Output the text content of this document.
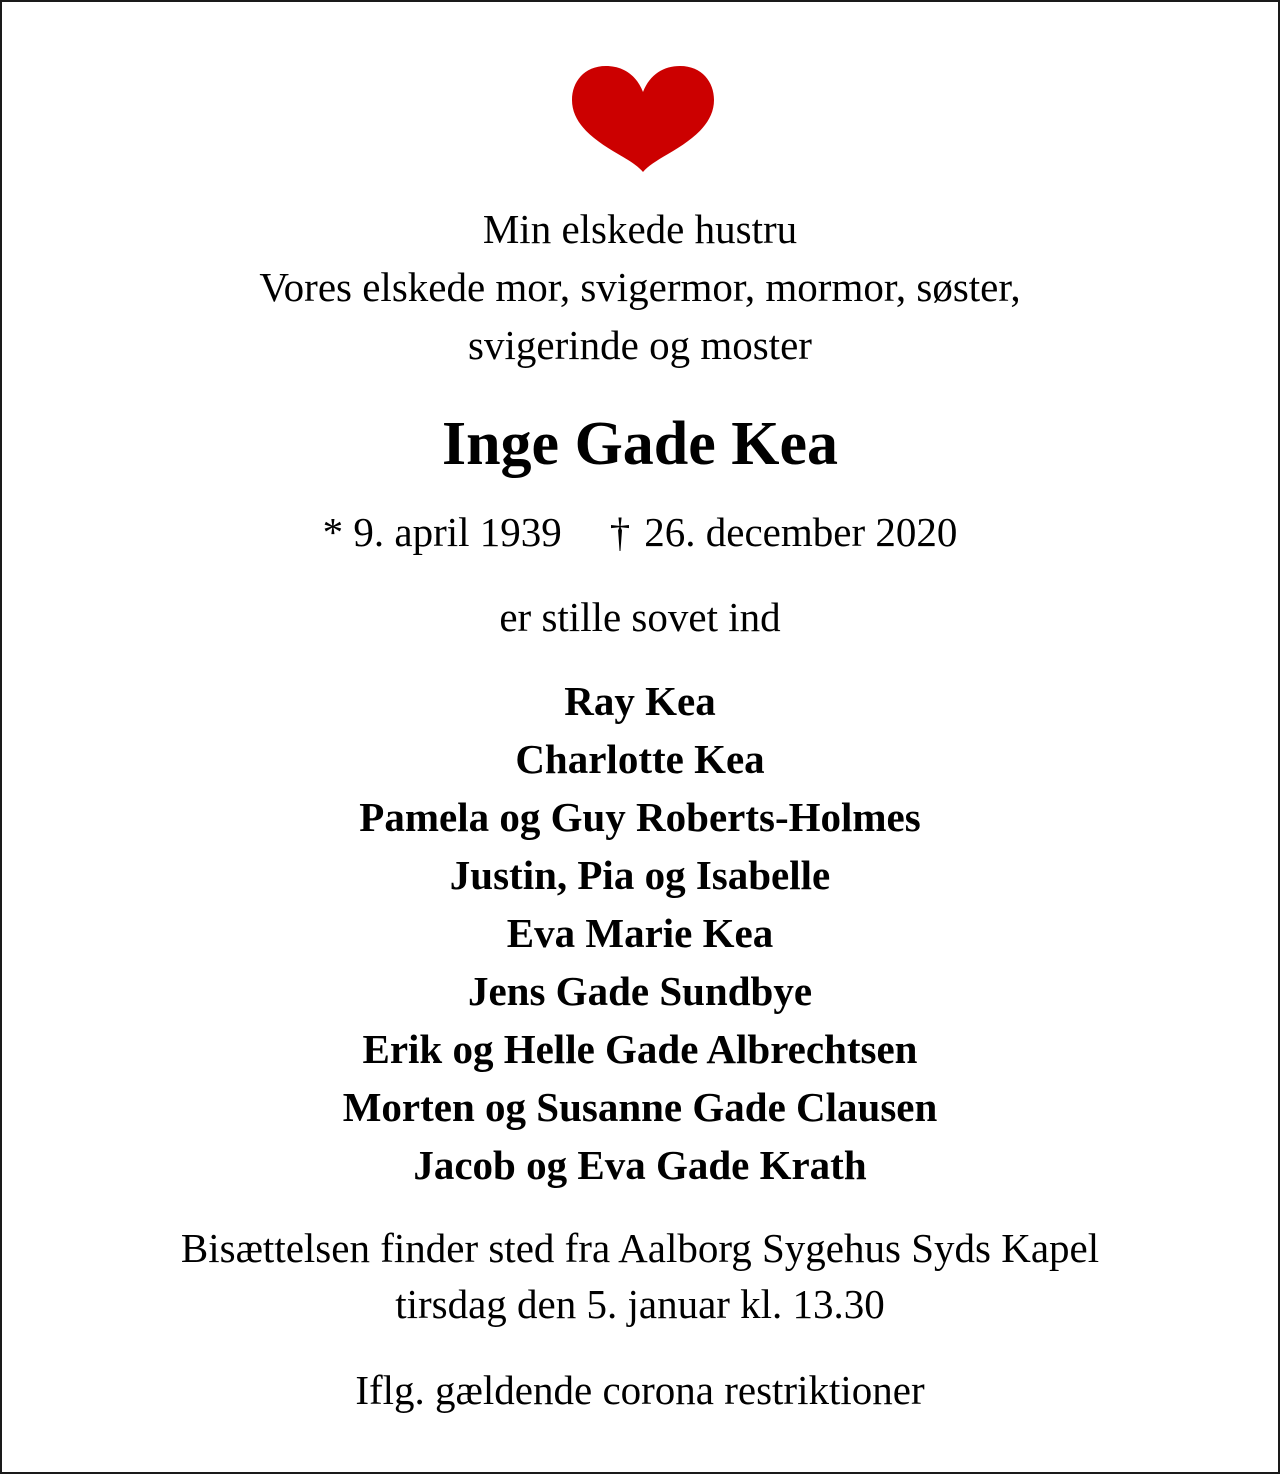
Min elskede hustru
Vores elskede mor, svigermor, mormor, søster,
svigerinde og moster
Inge Gade Kea
* 9. april 1939 † 26. december 2020
er stille sovet ind
Ray Kea
Charlotte Kea
Pamela og Guy Roberts-Holmes
Justin, Pia og Isabelle
Eva Marie Kea
Jens Gade Sundbye
Erik og Helle Gade Albrechtsen
Morten og Susanne Gade Clausen
Jacob og Eva Gade Krath
Bisættelsen finder sted fra Aalborg Sygehus Syds Kapel
tirsdag den 5. januar kl. 13.30
Iflg. gældende corona restriktioner
